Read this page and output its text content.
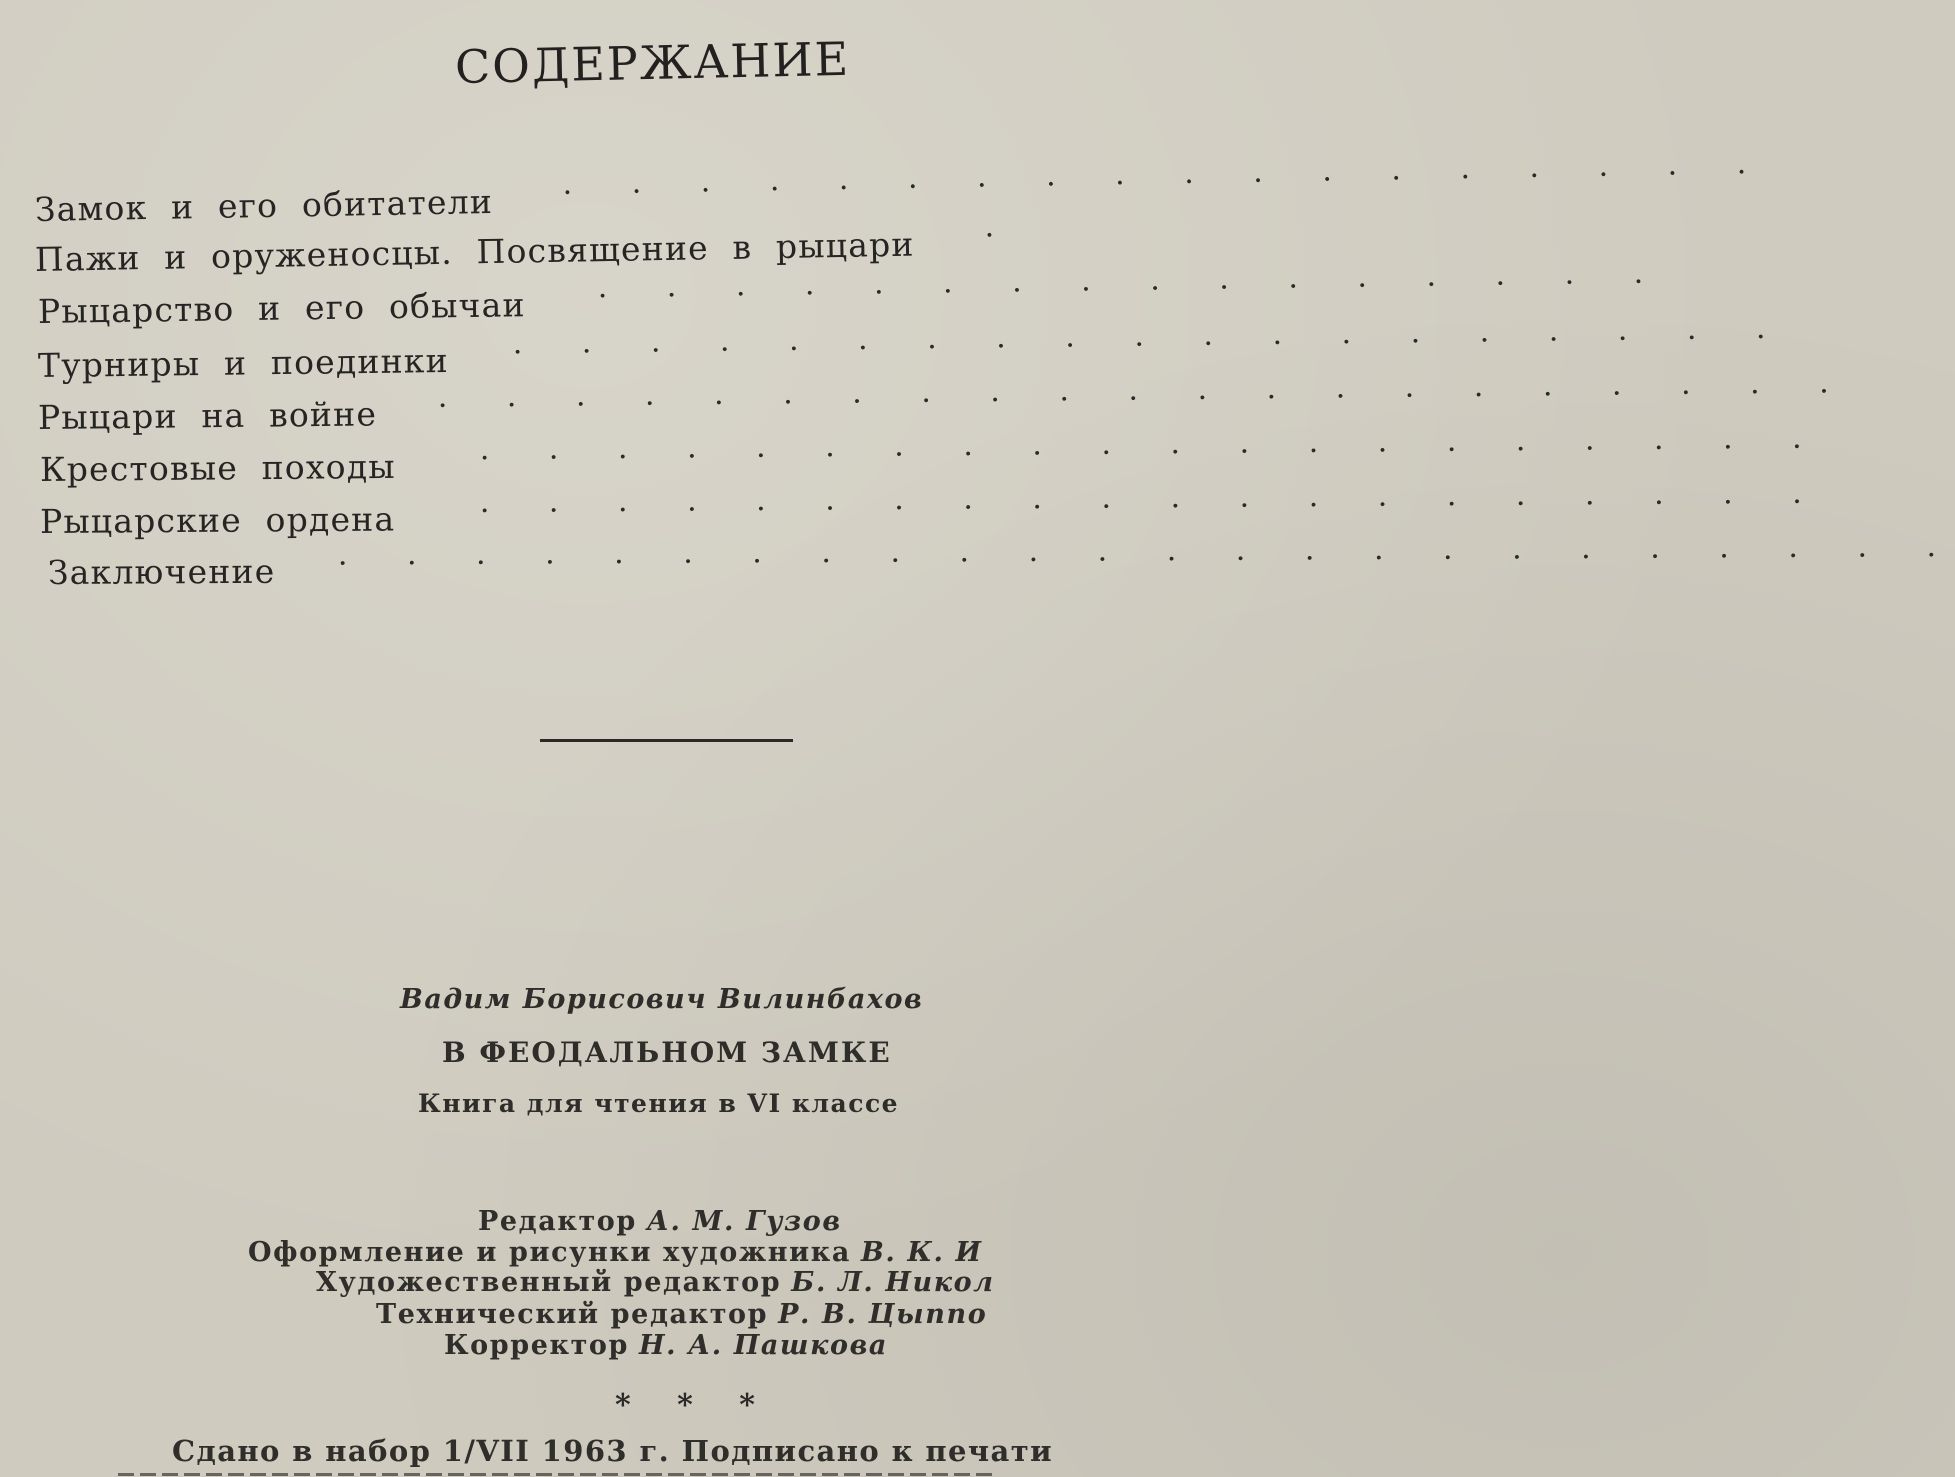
СОДЕРЖАНИЕ
Замок и его обитатели · · · · · · · · · · · · · · · · · ·
Пажи и оруженосцы. Посвящение в рыцари ·
Рыцарство и его обычаи · · · · · · · · · · · · · · · ·
Турниры и поединки · · · · · · · · · · · · · · · · · · ·
Рыцари на войне · · · · · · · · · · · · · · · · · · · · ·
Крестовые походы	· · · · · · · · · · · · · · · · · · · ·
Рыцарские ордена	· · · · · · · · · · · · · · · · · · · ·
Заключение · · · · · · · · · · · · · · · · · · · · · · · ·
Вадим Борисович Вилинбахов
В ФЕОДАЛЬНОМ ЗАМКЕ
Книга для чтения в VI классе
Редактор А. М. Гузов
Оформление и рисунки художника В. К. И
Художественный редактор Б. Л. Никол
Технический редактор Р. В. Цыппо
Корректор Н. А. Пашкова
* * *
Сдано в набор 1/VII 1963 г. Подписано к печати
